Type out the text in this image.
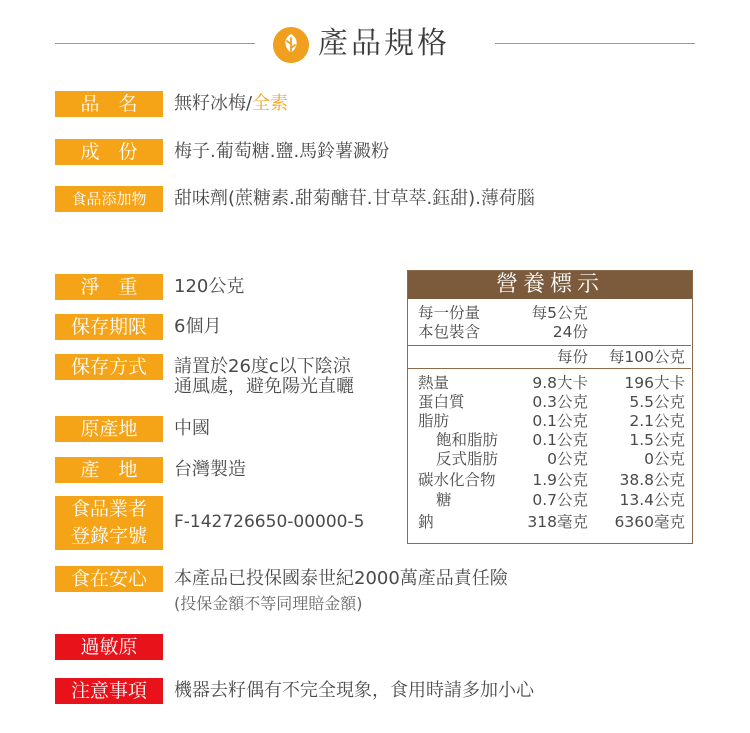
產品規格
品　名	無籽冰梅/全素
成　份	梅子.葡萄糖.鹽.馬鈴薯澱粉
食品添加物	甜味劑(蔗糖素.甜菊醣苷.甘草萃.鈺甜).薄荷腦
淨　重	120公克
保存期限	6個月
保存方式	請置於26度c以下陰涼
通風處，避免陽光直曬
原產地	中國
產　地	台灣製造
食品業者
登錄字號
F-142726650-00000-5
食在安心	本產品已投保國泰世紀2000萬產品責任險
(投保金額不等同理賠金額)
過敏原
注意事項	機器去籽偶有不完全現象，食用時請多加小心
營養標示
每一份量	每5公克
本包裝含	24份
每份 每100公克
熱量	9.8大卡 196大卡
蛋白質	0.3公克	5.5公克
脂肪	0.1公克	2.1公克
飽和脂肪 0.1公克	1.5公克
反式脂肪	0公克	0公克
碳水化合物 1.9公克 38.8公克
糖	0.7公克 13.4公克
鈉	318毫克 6360毫克
